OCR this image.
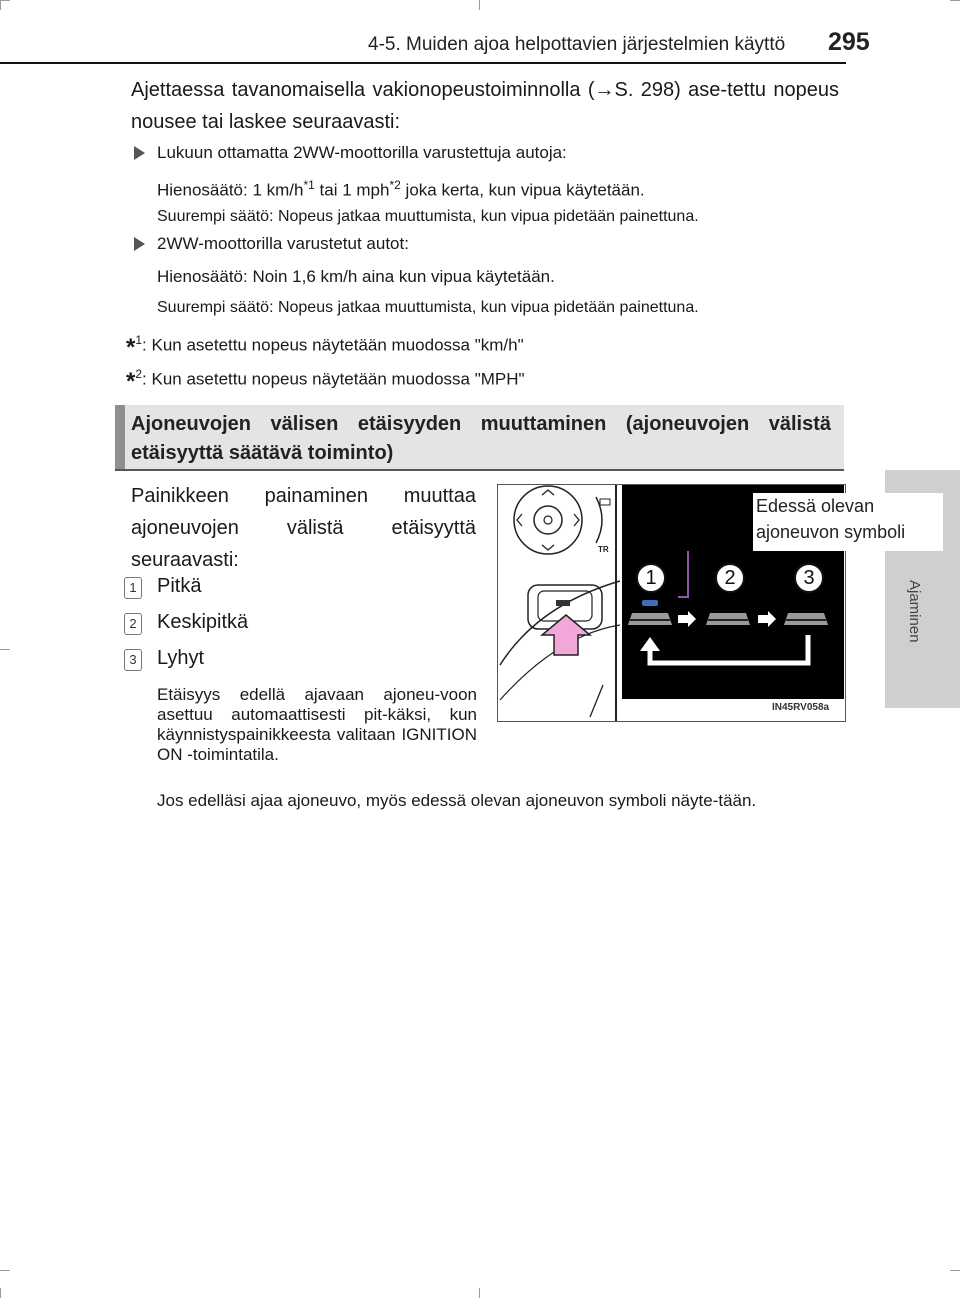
4-5. Muiden ajoa helpottavien järjestelmien käyttö 295
Ajaminen
Ajettaessa tavanomaisella vakionopeustoiminnolla (→S. 298) ase-tettu nopeus nousee tai laskee seuraavasti:
Lukuun ottamatta 2WW-moottorilla varustettuja autoja:
Hienosäätö: 1 $km/h^{*1}$ tai 1 mph$^{*2}$ joka kerta, kun vipua käytetään.
Suurempi säätö: Nopeus jatkaa muuttumista, kun vipua pidetään painettuna.
2WW-moottorilla varustetut autot:
Hienosäätö: Noin 1,6 km/h aina kun vipua käytetään.
Suurempi säätö: Nopeus jatkaa muuttumista, kun vipua pidetään painettuna.
*$^1$: Kun asetettu nopeus näytetään muodossa "km/h"
*$^2$: Kun asetettu nopeus näytetään muodossa "MPH"
Ajoneuvojen välisen etäisyyden muuttaminen (ajoneuvojen välistä etäisyyttä säätävä toiminto)
Painikkeen painaminen muuttaa ajoneuvojen välistä etäisyyttä seuraavasti:
1 Pitkä
2 Keskipitkä
3 Lyhyt
Etäisyys edellä ajavaan ajoneu-voon asettuu automaattisesti pit-käksi, kun käynnistyspainikkeesta valitaan IGNITION ON -toimintatila.
Jos edelläsi ajaa ajoneuvo, myös edessä olevan ajoneuvon symboli näyte-tään.
TR
Edessä olevan
ajoneuvon symboli
1	2	3
IN45RV058a
